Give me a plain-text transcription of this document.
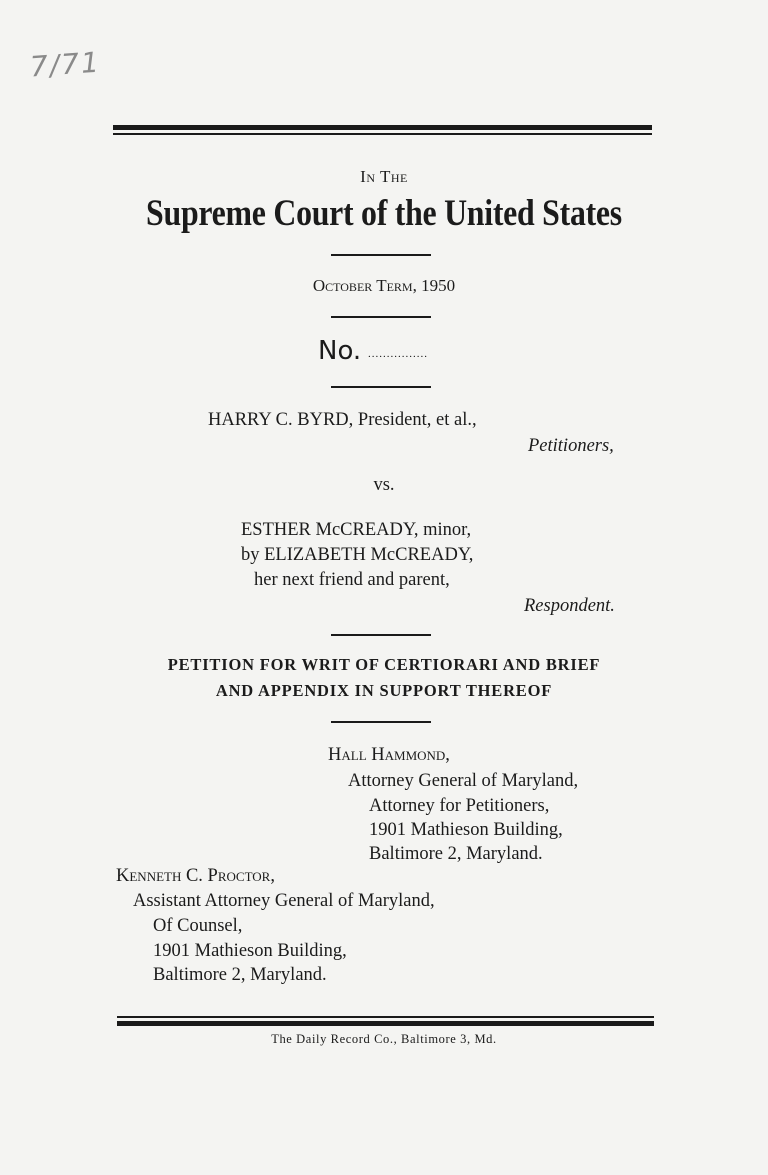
7/71
In The
Supreme Court of the United States
October Term, 1950
No. ................
HARRY C. BYRD, President, et al.,
Petitioners,
vs.
ESTHER McCREADY, minor,
by ELIZABETH McCREADY,
her next friend and parent,
Respondent.
PETITION FOR WRIT OF CERTIORARI AND BRIEF
AND APPENDIX IN SUPPORT THEREOF
Hall Hammond,
Attorney General of Maryland,
Attorney for Petitioners,
1901 Mathieson Building,
Baltimore 2, Maryland.
Kenneth C. Proctor,
Assistant Attorney General of Maryland,
Of Counsel,
1901 Mathieson Building,
Baltimore 2, Maryland.
The Daily Record Co., Baltimore 3, Md.
